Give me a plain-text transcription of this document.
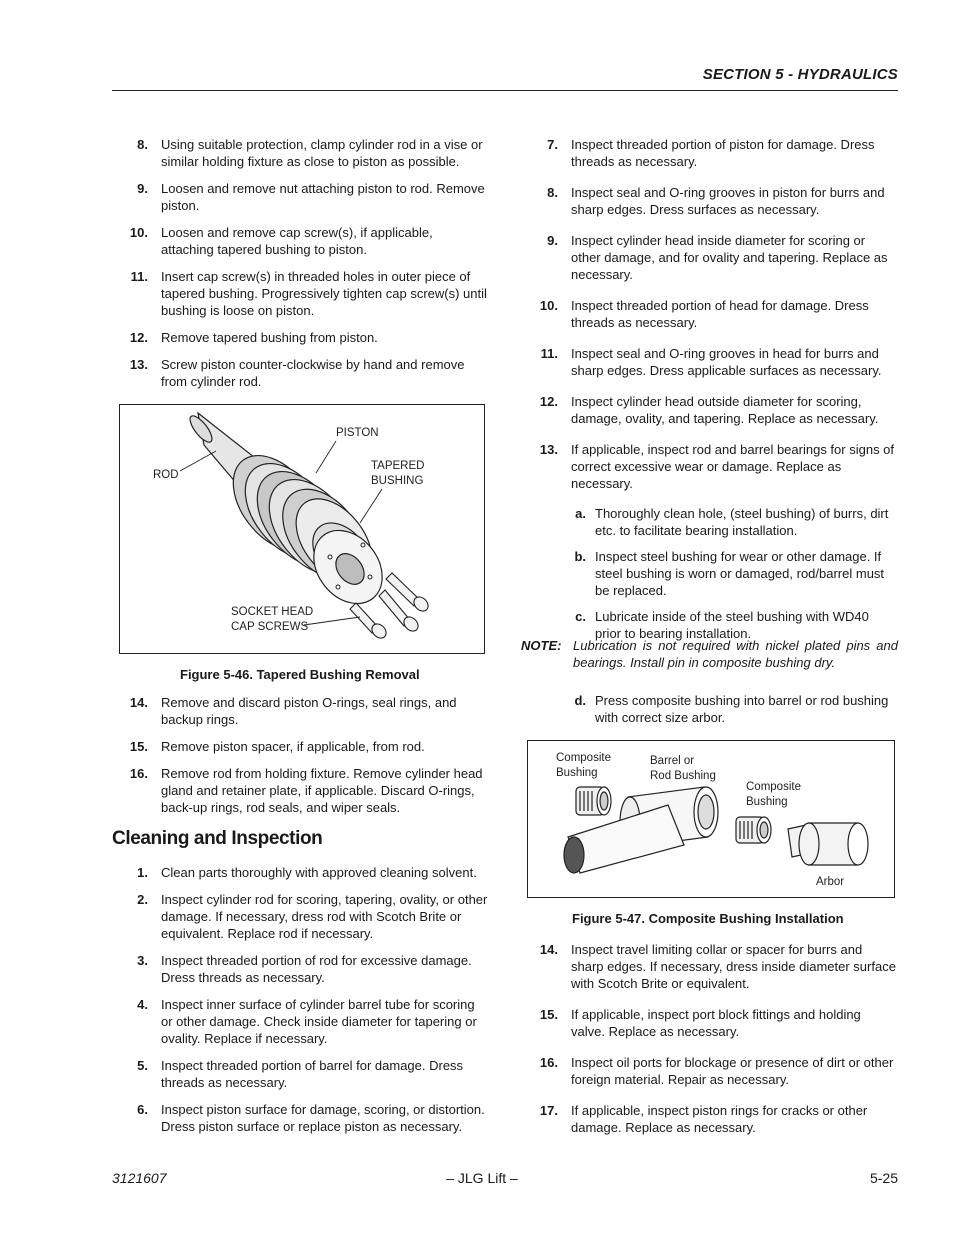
SECTION 5 - HYDRAULICS

8. Using suitable protection, clamp cylinder rod in a vise or similar holding fixture as close to piston as possible.

9. Loosen and remove nut attaching piston to rod. Remove piston.

10. Loosen and remove cap screw(s), if applicable, attaching tapered bushing to piston.

11. Insert cap screw(s) in threaded holes in outer piece of tapered bushing. Progressively tighten cap screw(s) until bushing is loose on piston.

12. Remove tapered bushing from piston.

13. Screw piston counter-clockwise by hand and remove from cylinder rod.

PISTON
ROD
TAPERED
BUSHING
SOCKET HEAD
CAP SCREWS
Figure 5-46. Tapered Bushing Removal

14. Remove and discard piston O-rings, seal rings, and backup rings.

15. Remove piston spacer, if applicable, from rod.

16. Remove rod from holding fixture. Remove cylinder head gland and retainer plate, if applicable. Discard O-rings, back-up rings, rod seals, and wiper seals.

Cleaning and Inspection

1. Clean parts thoroughly with approved cleaning solvent.

2. Inspect cylinder rod for scoring, tapering, ovality, or other damage. If necessary, dress rod with Scotch Brite or equivalent. Replace rod if necessary.

3. Inspect threaded portion of rod for excessive damage. Dress threads as necessary.

4. Inspect inner surface of cylinder barrel tube for scoring or other damage. Check inside diameter for tapering or ovality. Replace if necessary.

5. Inspect threaded portion of barrel for damage. Dress threads as necessary.

6. Inspect piston surface for damage, scoring, or distortion. Dress piston surface or replace piston as necessary.

7. Inspect threaded portion of piston for damage. Dress threads as necessary.

8. Inspect seal and O-ring grooves in piston for burrs and sharp edges. Dress surfaces as necessary.

9. Inspect cylinder head inside diameter for scoring or other damage, and for ovality and tapering. Replace as necessary.

10. Inspect threaded portion of head for damage. Dress threads as necessary.

11. Inspect seal and O-ring grooves in head for burrs and sharp edges. Dress applicable surfaces as necessary.

12. Inspect cylinder head outside diameter for scoring, damage, ovality, and tapering. Replace as necessary.

13. If applicable, inspect rod and barrel bearings for signs of correct excessive wear or damage. Replace as necessary.

a. Thoroughly clean hole, (steel bushing) of burrs, dirt etc. to facilitate bearing installation.

b. Inspect steel bushing for wear or other damage. If steel bushing is worn or damaged, rod/barrel must be replaced.

c. Lubricate inside of the steel bushing with WD40 prior to bearing installation.

NOTE: Lubrication is not required with nickel plated pins and bearings. Install pin in composite bushing dry.

d. Press composite bushing into barrel or rod bushing with correct size arbor.

Composite
Bushing
Barrel or
Rod Bushing
Composite
Bushing
Arbor
Figure 5-47. Composite Bushing Installation

14. Inspect travel limiting collar or spacer for burrs and sharp edges. If necessary, dress inside diameter surface with Scotch Brite or equivalent.

15. If applicable, inspect port block fittings and holding valve. Replace as necessary.

16. Inspect oil ports for blockage or presence of dirt or other foreign material. Repair as necessary.

17. If applicable, inspect piston rings for cracks or other damage. Replace as necessary.

3121607	– JLG Lift –	5-25
